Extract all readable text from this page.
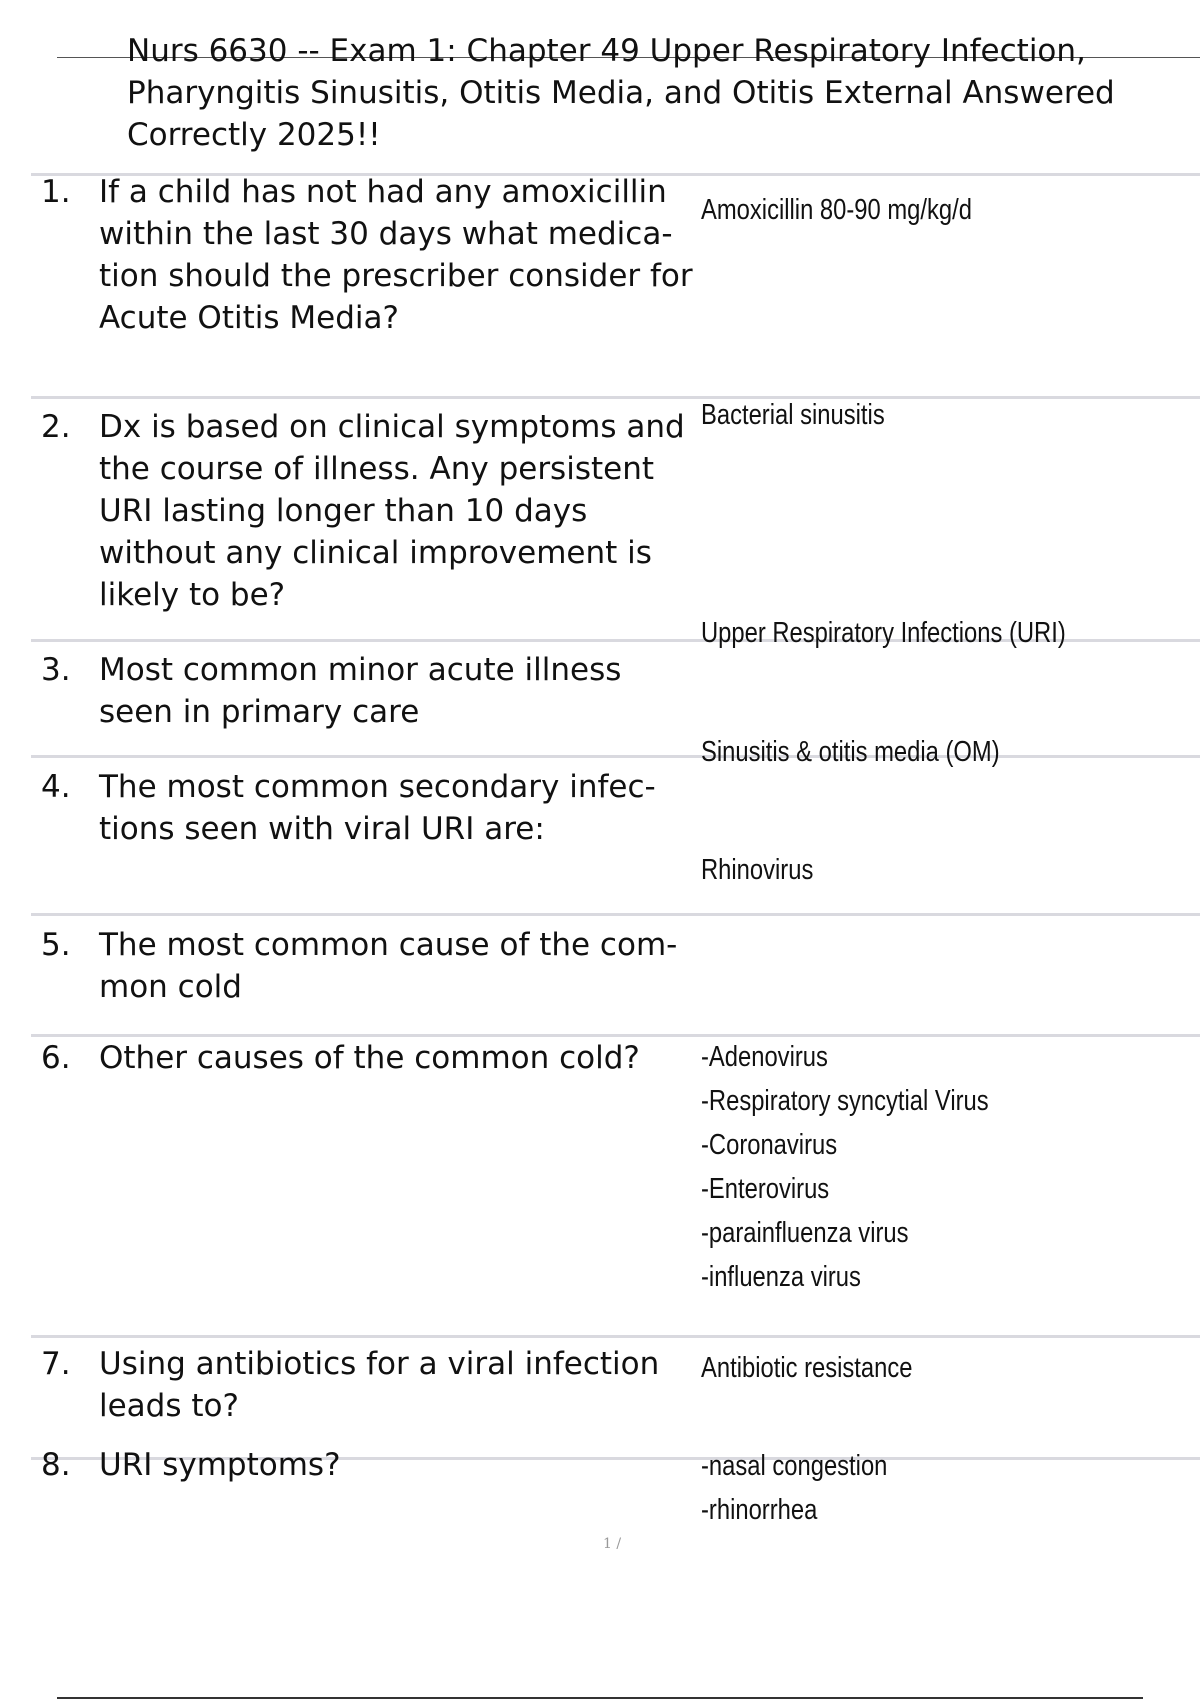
Nurs 6630 -- Exam 1: Chapter 49 Upper Respiratory Infection,
Pharyngitis Sinusitis, Otitis Media, and Otitis External Answered
Correctly 2025!!
1. If a child has not had any amoxicillin within the last 30 days what medica- tion should the prescriber consider for Acute Otitis Media?
Amoxicillin 80-90 mg/kg/d
2. Dx is based on clinical symptoms and the course of illness. Any persistent URI lasting longer than 10 days without any clinical improvement is likely to be?
Bacterial sinusitis
3. Most common minor acute illness seen in primary care
Upper Respiratory Infections (URI)
4. The most common secondary infec- tions seen with viral URI are:
Sinusitis & otitis media (OM)
5. The most common cause of the com- mon cold
Rhinovirus
6. Other causes of the common cold?	-Adenovirus
-Respiratory syncytial Virus
-Coronavirus
-Enterovirus
-parainfluenza virus
-influenza virus
7. Using antibiotics for a viral infection leads to?
Antibiotic resistance
8. URI symptoms?	-nasal congestion
-rhinorrhea
1 /
